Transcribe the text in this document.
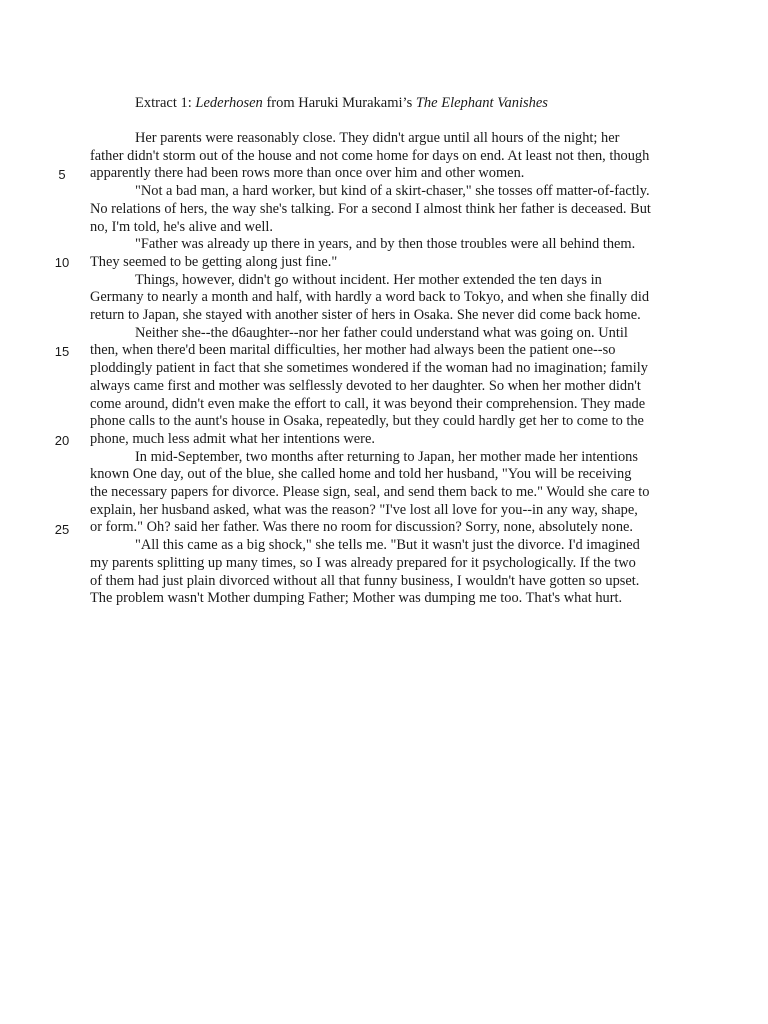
Extract 1: Lederhosen from Haruki Murakami’s The Elephant Vanishes
5
10
15
20
25
Her parents were reasonably close. They didn't argue until all hours of the night; her
father didn't storm out of the house and not come home for days on end. At least not then, though
apparently there had been rows more than once over him and other women.
"Not a bad man, a hard worker, but kind of a skirt-chaser," she tosses off matter-of-factly.
No relations of hers, the way she's talking. For a second I almost think her father is deceased. But
no, I'm told, he's alive and well.
"Father was already up there in years, and by then those troubles were all behind them.
They seemed to be getting along just fine."
Things, however, didn't go without incident. Her mother extended the ten days in
Germany to nearly a month and half, with hardly a word back to Tokyo, and when she finally did
return to Japan, she stayed with another sister of hers in Osaka. She never did come back home.
Neither she--the d6aughter--nor her father could understand what was going on. Until
then, when there'd been marital difficulties, her mother had always been the patient one--so
ploddingly patient in fact that she sometimes wondered if the woman had no imagination; family
always came first and mother was selflessly devoted to her daughter. So when her mother didn't
come around, didn't even make the effort to call, it was beyond their comprehension. They made
phone calls to the aunt's house in Osaka, repeatedly, but they could hardly get her to come to the
phone, much less admit what her intentions were.
In mid-September, two months after returning to Japan, her mother made her intentions
known One day, out of the blue, she called home and told her husband, "You will be receiving
the necessary papers for divorce. Please sign, seal, and send them back to me." Would she care to
explain, her husband asked, what was the reason? "I've lost all love for you--in any way, shape,
or form." Oh? said her father. Was there no room for discussion? Sorry, none, absolutely none.
"All this came as a big shock," she tells me. "But it wasn't just the divorce. I'd imagined
my parents splitting up many times, so I was already prepared for it psychologically. If the two
of them had just plain divorced without all that funny business, I wouldn't have gotten so upset.
The problem wasn't Mother dumping Father; Mother was dumping me too. That's what hurt.
